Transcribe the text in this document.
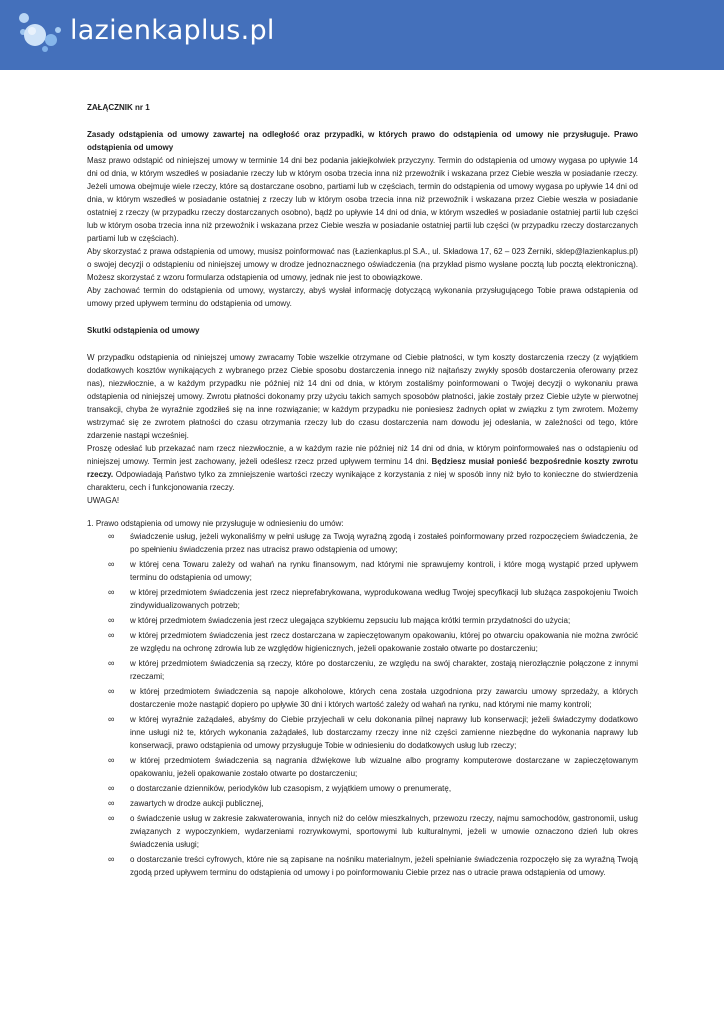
lazienkaplus.pl

ZAŁĄCZNIK nr 1

Zasady odstąpienia od umowy zawartej na odległość oraz przypadki, w których prawo do odstąpienia od umowy nie przysługuje. Prawo odstąpienia od umowy

Masz prawo odstąpić od niniejszej umowy w terminie 14 dni bez podania jakiejkolwiek przyczyny. Termin do odstąpienia od umowy wygasa po upływie 14 dni od dnia, w którym wszedłeś w posiadanie rzeczy lub w którym osoba trzecia inna niż przewoźnik i wskazana przez Ciebie weszła w posiadanie rzeczy. Jeżeli umowa obejmuje wiele rzeczy, które są dostarczane osobno, partiami lub w częściach, termin do odstąpienia od umowy wygasa po upływie 14 dni od dnia, w którym wszedłeś w posiadanie ostatniej z rzeczy lub w którym osoba trzecia inna niż przewoźnik i wskazana przez Ciebie weszła w posiadanie ostatniej z rzeczy (w przypadku rzeczy dostarczanych osobno), bądź po upływie 14 dni od dnia, w którym wszedłeś w posiadanie ostatniej partii lub części lub w którym osoba trzecia inna niż przewoźnik i wskazana przez Ciebie weszła w posiadanie ostatniej partii lub części (w przypadku rzeczy dostarczanych partiami lub w częściach).

Aby skorzystać z prawa odstąpienia od umowy, musisz poinformować nas (Łazienkaplus.pl S.A., ul. Składowa 17, 62 – 023 Żerniki, sklep@lazienkaplus.pl) o swojej decyzji o odstąpieniu od niniejszej umowy w drodze jednoznacznego oświadczenia (na przykład pismo wysłane pocztą lub pocztą elektroniczną). Możesz skorzystać z wzoru formularza odstąpienia od umowy, jednak nie jest to obowiązkowe.

Aby zachować termin do odstąpienia od umowy, wystarczy, abyś wysłał informację dotyczącą wykonania przysługującego Tobie prawa odstąpienia od umowy przed upływem terminu do odstąpienia od umowy.

Skutki odstąpienia od umowy

W przypadku odstąpienia od niniejszej umowy zwracamy Tobie wszelkie otrzymane od Ciebie płatności, w tym koszty dostarczenia rzeczy (z wyjątkiem dodatkowych kosztów wynikających z wybranego przez Ciebie sposobu dostarczenia innego niż najtańszy zwykły sposób dostarczenia oferowany przez nas), niezwłocznie, a w każdym przypadku nie później niż 14 dni od dnia, w którym zostaliśmy poinformowani o Twojej decyzji o wykonaniu prawa odstąpienia od niniejszej umowy. Zwrotu płatności dokonamy przy użyciu takich samych sposobów płatności, jakie zostały przez Ciebie użyte w pierwotnej transakcji, chyba że wyraźnie zgodziłeś się na inne rozwiązanie; w każdym przypadku nie poniesiesz żadnych opłat w związku z tym zwrotem. Możemy wstrzymać się ze zwrotem płatności do czasu otrzymania rzeczy lub do czasu dostarczenia nam dowodu jej odesłania, w zależności od tego, które zdarzenie nastąpi wcześniej.

Proszę odesłać lub przekazać nam rzecz niezwłocznie, a w każdym razie nie później niż 14 dni od dnia, w którym poinformowałeś nas o odstąpieniu od niniejszej umowy. Termin jest zachowany, jeżeli odeślesz rzecz przed upływem terminu 14 dni. Będziesz musiał ponieść bezpośrednie koszty zwrotu rzeczy. Odpowiadają Państwo tylko za zmniejszenie wartości rzeczy wynikające z korzystania z niej w sposób inny niż było to konieczne do stwierdzenia charakteru, cech i funkcjonowania rzeczy.

UWAGA!

1. Prawo odstąpienia od umowy nie przysługuje w odniesieniu do umów:

∞ świadczenie usług, jeżeli wykonaliśmy w pełni usługę za Twoją wyraźną zgodą i zostałeś poinformowany przed rozpoczęciem świadczenia, że po spełnieniu świadczenia przez nas utracisz prawo odstąpienia od umowy;
∞ w której cena Towaru zależy od wahań na rynku finansowym, nad którymi nie sprawujemy kontroli, i które mogą wystąpić przed upływem terminu do odstąpienia od umowy;
∞ w której przedmiotem świadczenia jest rzecz nieprefabrykowana, wyprodukowana według Twojej specyfikacji lub służąca zaspokojeniu Twoich zindywidualizowanych potrzeb;
∞ w której przedmiotem świadczenia jest rzecz ulegająca szybkiemu zepsuciu lub mająca krótki termin przydatności do użycia;
∞ w której przedmiotem świadczenia jest rzecz dostarczana w zapieczętowanym opakowaniu, której po otwarciu opakowania nie można zwrócić ze względu na ochronę zdrowia lub ze względów higienicznych, jeżeli opakowanie zostało otwarte po dostarczeniu;
∞ w której przedmiotem świadczenia są rzeczy, które po dostarczeniu, ze względu na swój charakter, zostają nierozłącznie połączone z innymi rzeczami;
∞ w której przedmiotem świadczenia są napoje alkoholowe, których cena została uzgodniona przy zawarciu umowy sprzedaży, a których dostarczenie może nastąpić dopiero po upływie 30 dni i których wartość zależy od wahań na rynku, nad którymi nie mamy kontroli;
∞ w której wyraźnie zażądałeś, abyśmy do Ciebie przyjechali w celu dokonania pilnej naprawy lub konserwacji; jeżeli świadczymy dodatkowo inne usługi niż te, których wykonania zażądałeś, lub dostarczamy rzeczy inne niż części zamienne niezbędne do wykonania naprawy lub konserwacji, prawo odstąpienia od umowy przysługuje Tobie w odniesieniu do dodatkowych usług lub rzeczy;
∞ w której przedmiotem świadczenia są nagrania dźwiękowe lub wizualne albo programy komputerowe dostarczane w zapieczętowanym opakowaniu, jeżeli opakowanie zostało otwarte po dostarczeniu;
∞ o dostarczanie dzienników, periodyków lub czasopism, z wyjątkiem umowy o prenumeratę,
∞ zawartych w drodze aukcji publicznej,
∞ o świadczenie usług w zakresie zakwaterowania, innych niż do celów mieszkalnych, przewozu rzeczy, najmu samochodów, gastronomii, usług związanych z wypoczynkiem, wydarzeniami rozrywkowymi, sportowymi lub kulturalnymi, jeżeli w umowie oznaczono dzień lub okres świadczenia usługi;
∞ o dostarczanie treści cyfrowych, które nie są zapisane na nośniku materialnym, jeżeli spełnianie świadczenia rozpoczęło się za wyraźną Twoją zgodą przed upływem terminu do odstąpienia od umowy i po poinformowaniu Ciebie przez nas o utracie prawa odstąpienia od umowy.
